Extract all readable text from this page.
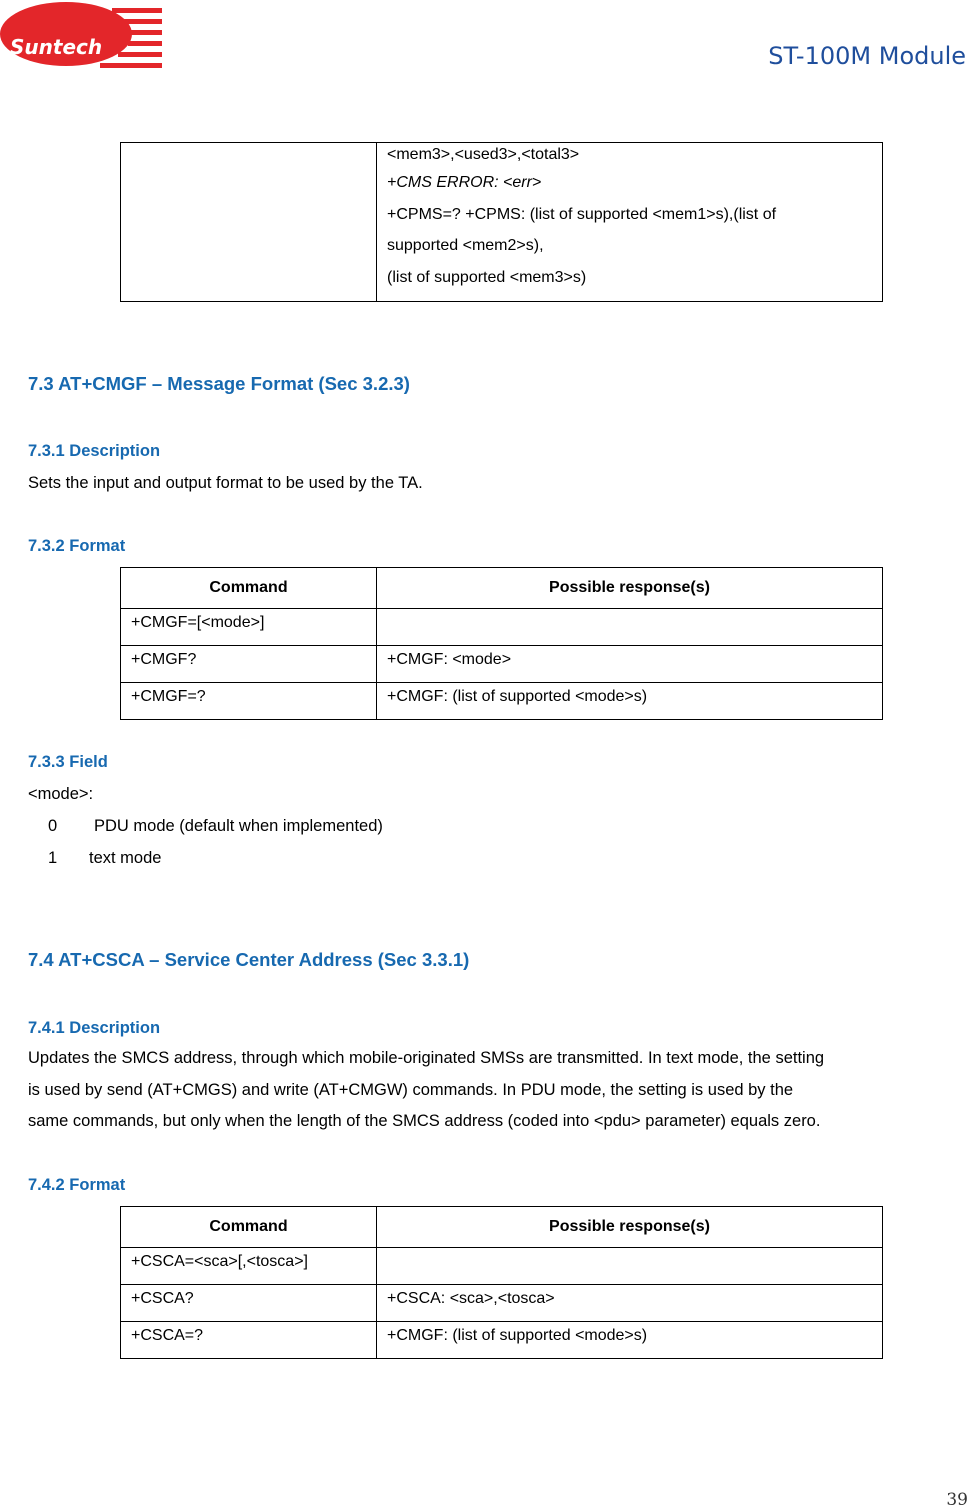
Suntech	ST-100M Module

<mem3>,<used3>,<total3>
+CMS ERROR: <err>
+CPMS=? +CPMS: (list of supported <mem1>s),(list of
supported <mem2>s),
(list of supported <mem3>s)
7.3 AT+CMGF – Message Format (Sec 3.2.3)
7.3.1 Description
Sets the input and output format to be used by the TA.
7.3.2 Format
Command	Possible response(s)
+CMGF=[<mode>]	
+CMGF?	+CMGF: <mode>
+CMGF=?	+CMGF: (list of supported <mode>s)
7.3.3 Field
<mode>:
0 PDU mode (default when implemented)
1 text mode
7.4 AT+CSCA – Service Center Address (Sec 3.3.1)
7.4.1 Description
Updates the SMCS address, through which mobile-originated SMSs are transmitted. In text mode, the setting
is used by send (AT+CMGS) and write (AT+CMGW) commands. In PDU mode, the setting is used by the
same commands, but only when the length of the SMCS address (coded into <pdu> parameter) equals zero.
7.4.2 Format
Command	Possible response(s)
+CSCA=<sca>[,<tosca>]	
+CSCA?	+CSCA: <sca>,<tosca>
+CSCA=?	+CMGF: (list of supported <mode>s)
39
